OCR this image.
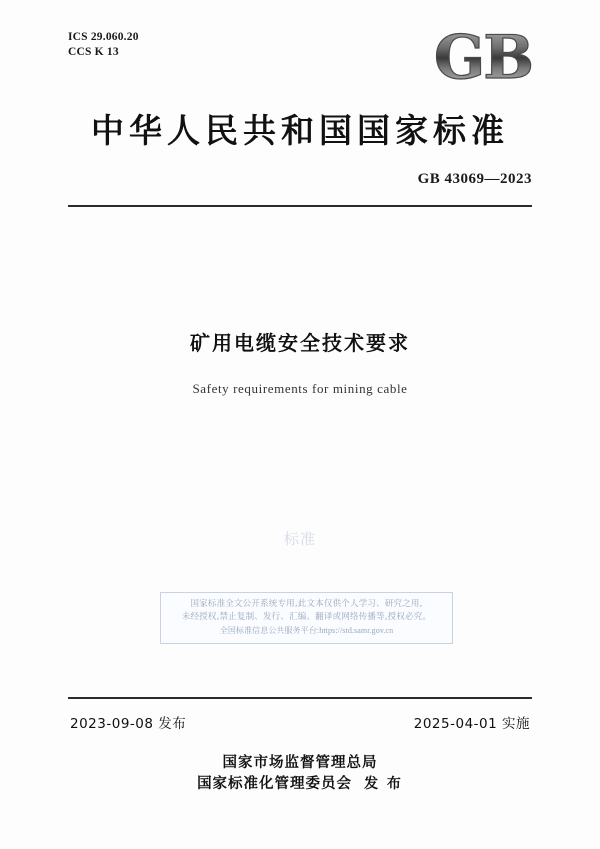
ICS 29.060.20
CCS K 13	GB
中华人民共和国国家标准
GB 43069—2023
矿用电缆安全技术要求
Safety requirements for mining cable
标准
国家标准全文公开系统专用,此文本仅供个人学习、研究之用,
未经授权,禁止复制、发行、汇编、翻译或网络传播等,授权必究。
全国标准信息公共服务平台:https://std.samr.gov.cn
2023-09-08 发布	2025-04-01 实施
国家市场监督管理总局
国家标准化管理委员会 发 布
